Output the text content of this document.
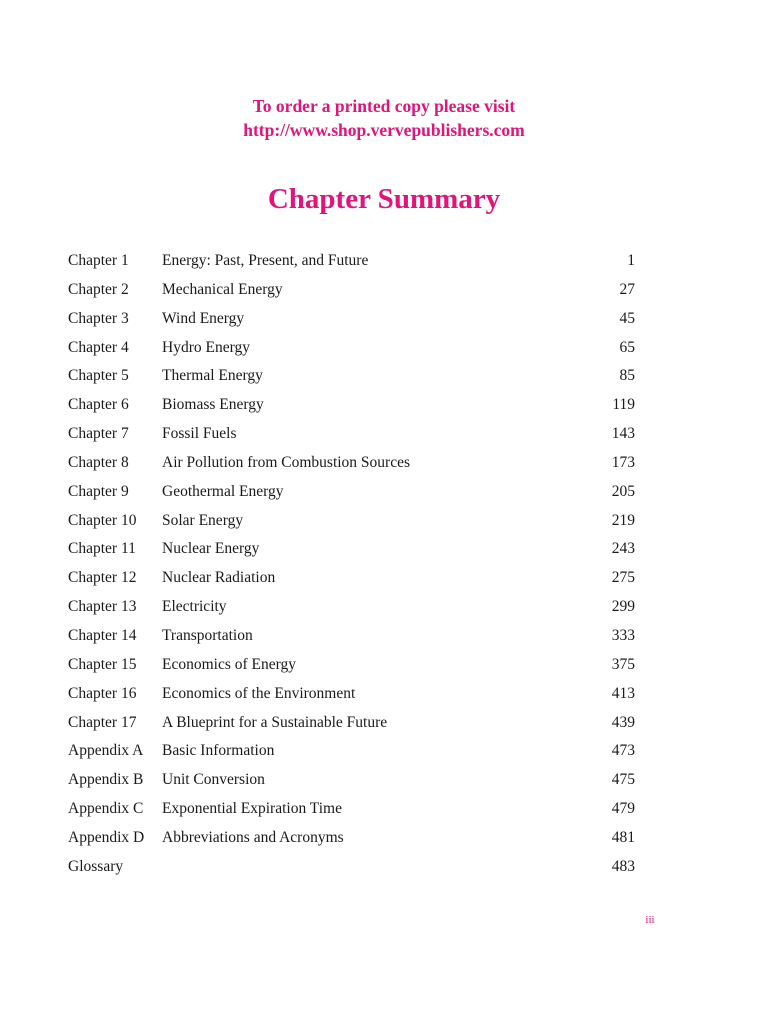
To order a printed copy please visit
http://www.shop.vervepublishers.com
Chapter Summary
Chapter 1 Energy: Past, Present, and Future	1
Chapter 2 Mechanical Energy	27
Chapter 3 Wind Energy	45
Chapter 4 Hydro Energy	65
Chapter 5 Thermal Energy	85
Chapter 6 Biomass Energy	119
Chapter 7 Fossil Fuels	143
Chapter 8 Air Pollution from Combustion Sources	173
Chapter 9 Geothermal Energy	205
Chapter 10 Solar Energy	219
Chapter 11 Nuclear Energy	243
Chapter 12 Nuclear Radiation	275
Chapter 13 Electricity	299
Chapter 14 Transportation	333
Chapter 15 Economics of Energy	375
Chapter 16 Economics of the Environment	413
Chapter 17 A Blueprint for a Sustainable Future	439
Appendix A Basic Information	473
Appendix B Unit Conversion	475
Appendix C Exponential Expiration Time	479
Appendix D Abbreviations and Acronyms	481
Glossary	483
iii
